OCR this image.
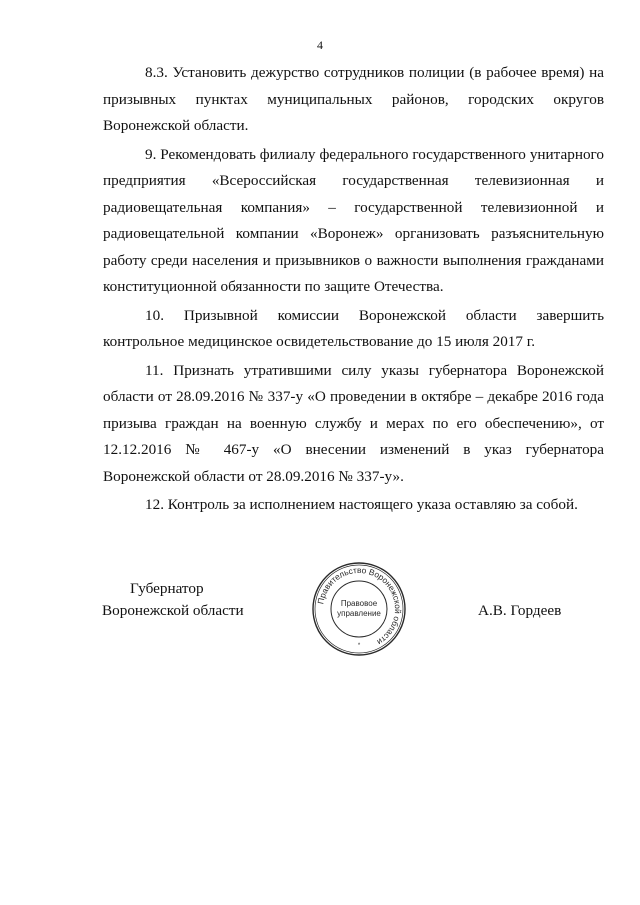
4

8.3. Установить дежурство сотрудников полиции (в рабочее время) на призывных пунктах муниципальных районов, городских округов Воронежской области.

9. Рекомендовать филиалу федерального государственного унитарного предприятия «Всероссийская государственная телевизионная и радиовещательная компания» – государственной телевизионной и радиовещательной компании «Воронеж» организовать разъяснительную работу среди населения и призывников о важности выполнения гражданами конституционной обязанности по защите Отечества.

10. Призывной комиссии Воронежской области завершить контрольное медицинское освидетельствование до 15 июля 2017 г.

11. Признать утратившими силу указы губернатора Воронежской области от 28.09.2016 № 337-у «О проведении в октябре – декабре 2016 года призыва граждан на военную службу и мерах по его обеспечению», от 12.12.2016 № 467-у «О внесении изменений в указ губернатора Воронежской области от 28.09.2016 № 337-у».

12. Контроль за исполнением настоящего указа оставляю за собой.

Губернатор
Воронежской области	А.В. Гордеев
Правительство Воронежской области
Правовое
управление
*
